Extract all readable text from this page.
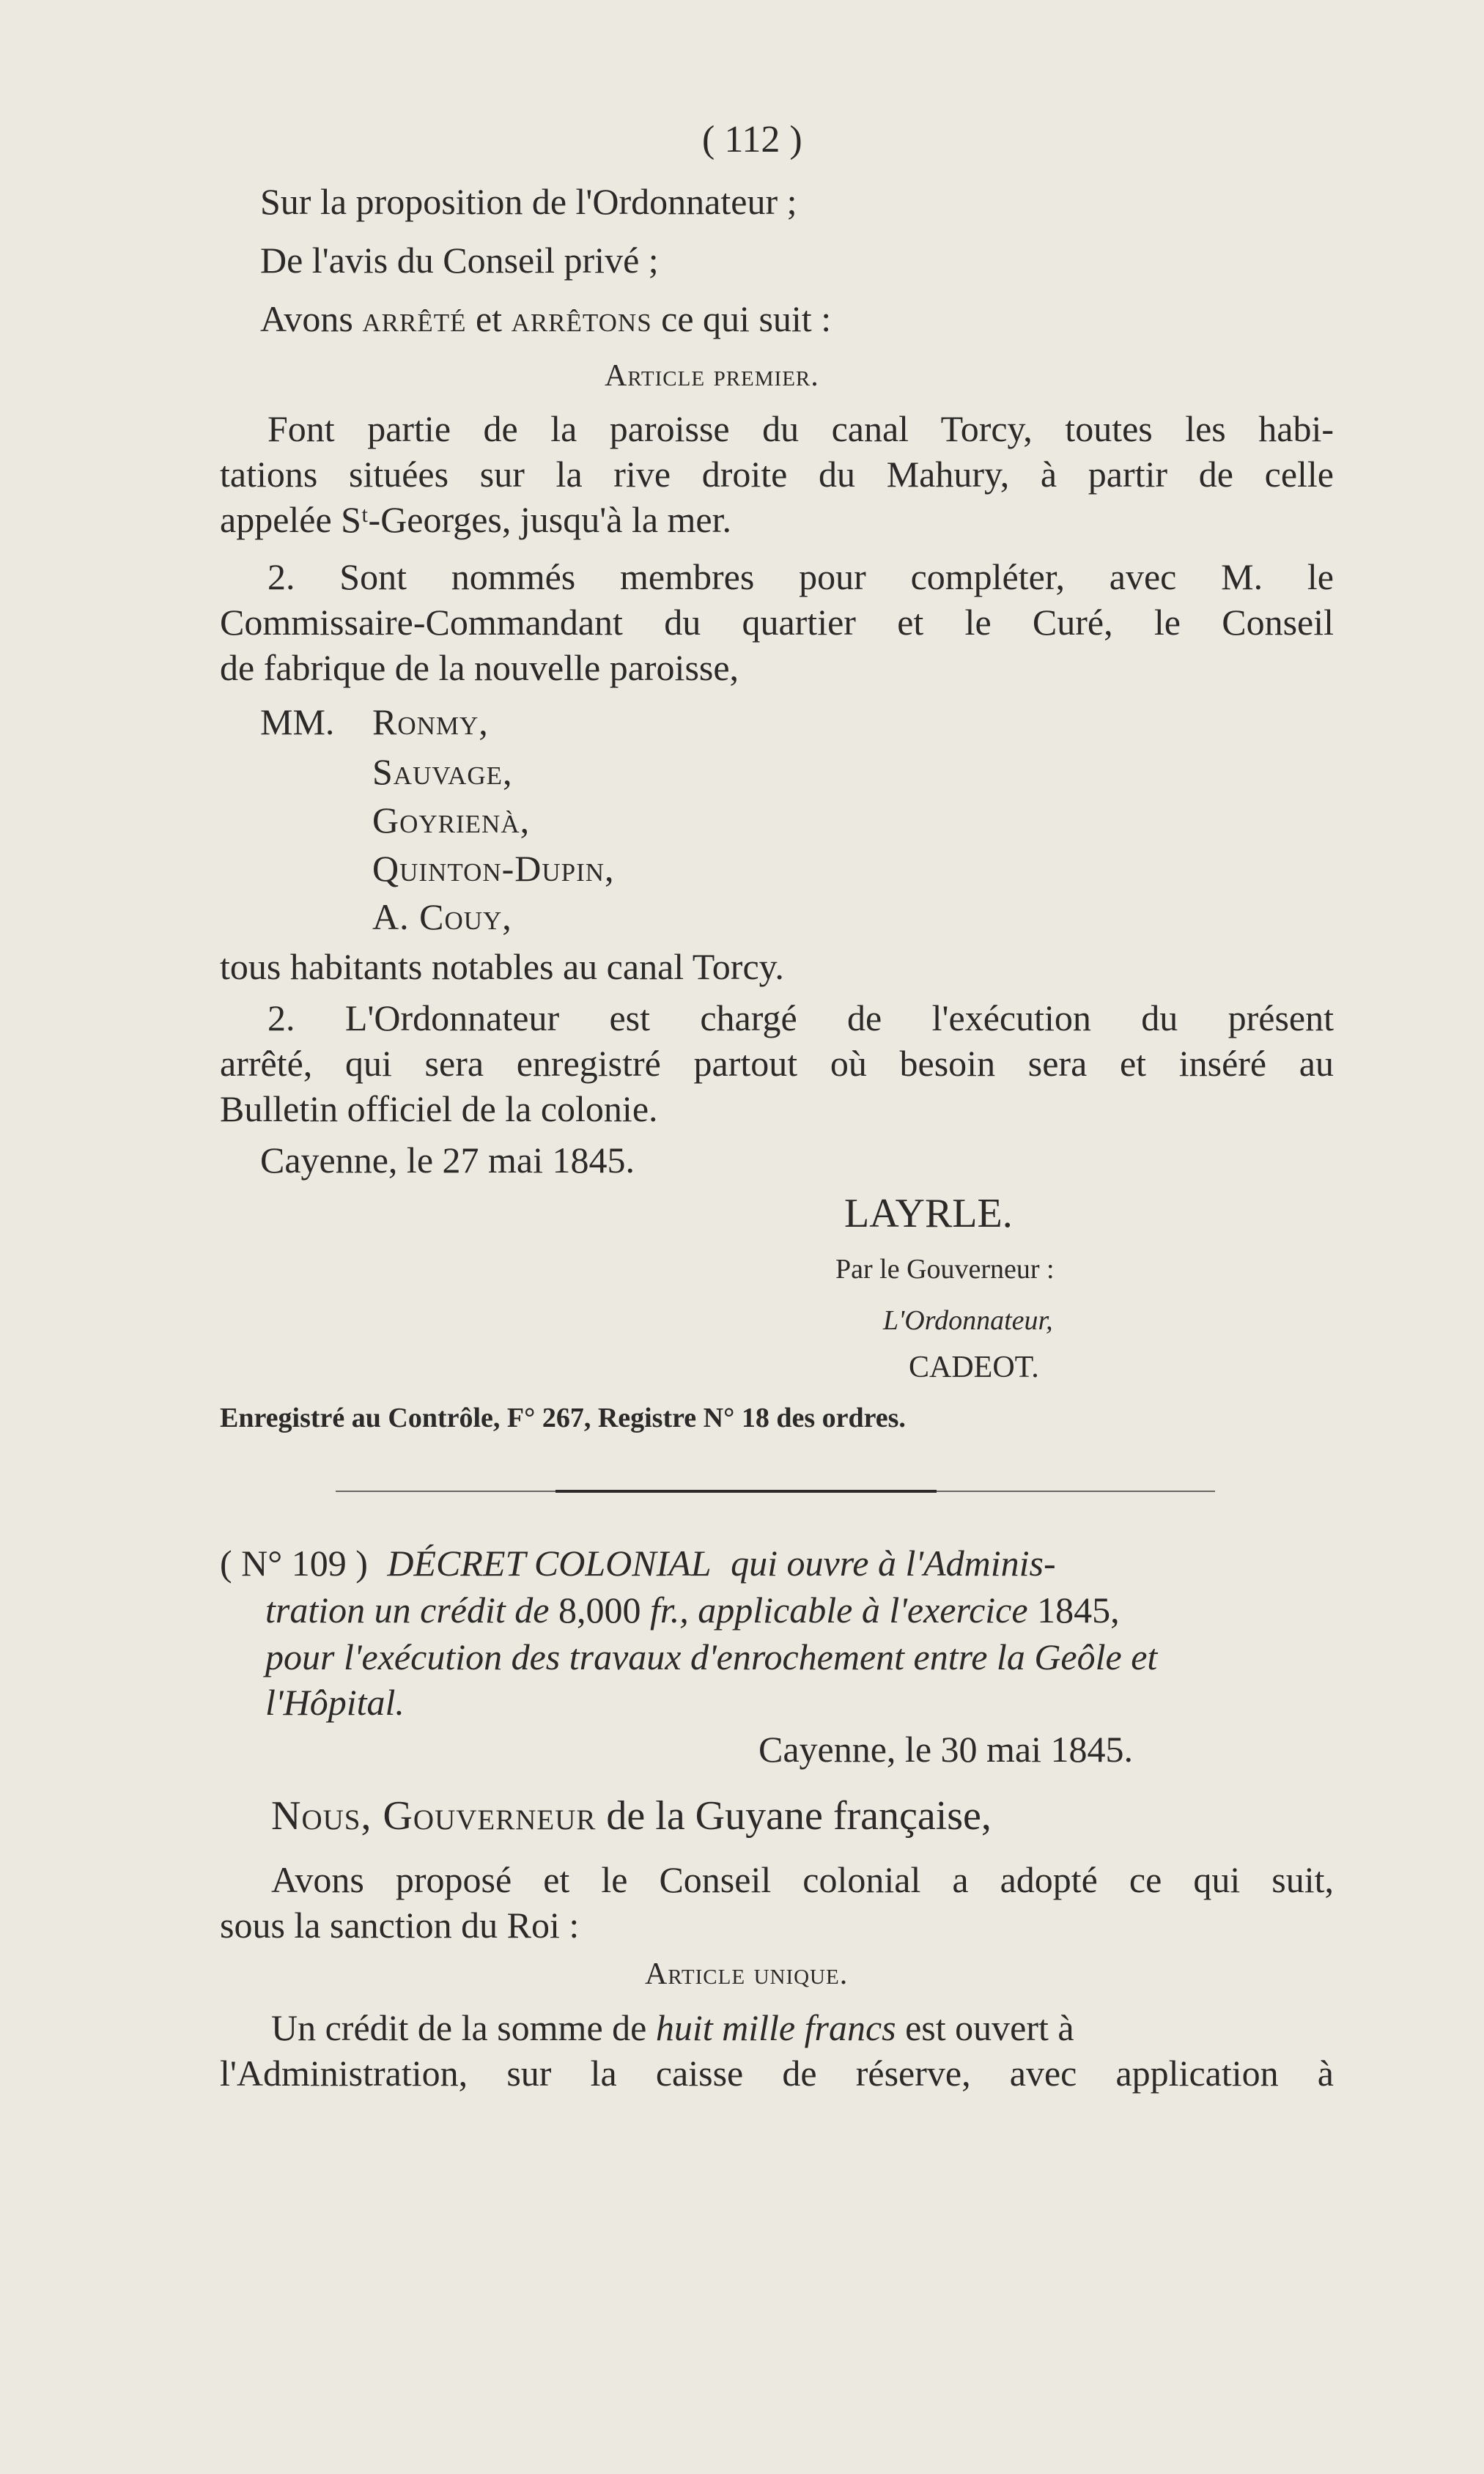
( 112 )
Sur la proposition de l'Ordonnateur ;
De l'avis du Conseil privé ;
Avons arrêté et arrêtons ce qui suit :
Article premier.
Font partie de la paroisse du canal Torcy, toutes les habi-
tations situées sur la rive droite du Mahury, à partir de celle
appelée Sᵗ-Georges, jusqu'à la mer.
2. Sont nommés membres pour compléter, avec M. le
Commissaire-Commandant du quartier et le Curé, le Conseil
de fabrique de la nouvelle paroisse,
MM. Ronmy,
Sauvage,
Goyrienà,
Quinton-Dupin,
A. Couy,
tous habitants notables au canal Torcy.
2. L'Ordonnateur est chargé de l'exécution du présent
arrêté, qui sera enregistré partout où besoin sera et inséré au
Bulletin officiel de la colonie.
Cayenne, le 27 mai 1845.
LAYRLE.
Par le Gouverneur :
L'Ordonnateur,
CADEOT.
Enregistré au Contrôle, F° 267, Registre N° 18 des ordres.
( N° 109 ) DÉCRET COLONIAL qui ouvre à l'Adminis-
tration un crédit de 8,000 fr., applicable à l'exercice 1845,
pour l'exécution des travaux d'enrochement entre la Geôle et
l'Hôpital.
Cayenne, le 30 mai 1845.
Nous, Gouverneur de la Guyane française,
Avons proposé et le Conseil colonial a adopté ce qui suit,
sous la sanction du Roi :
Article unique.
Un crédit de la somme de huit mille francs est ouvert à
l'Administration, sur la caisse de réserve, avec application à
